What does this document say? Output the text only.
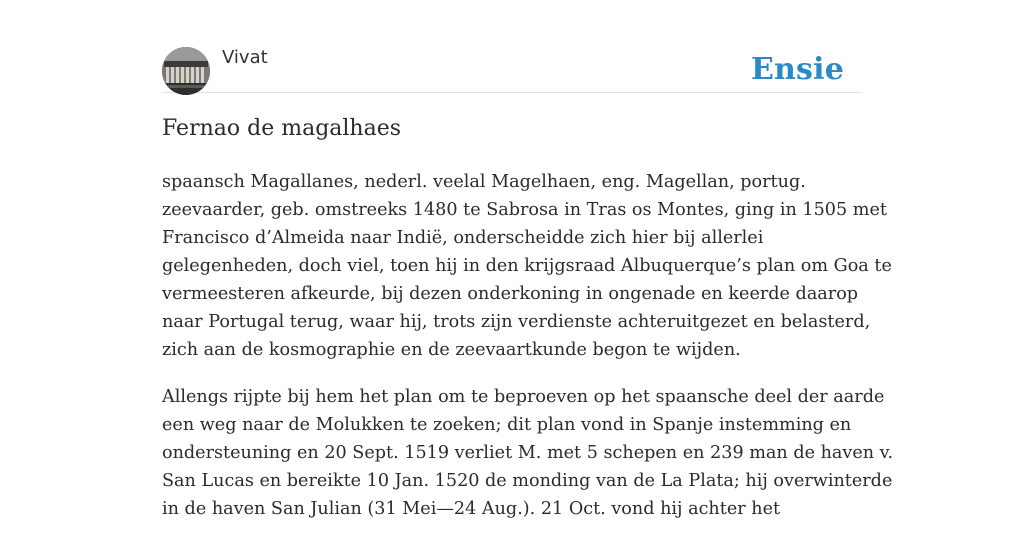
Vivat	Ensie
Fernao de magalhaes

spaansch Magallanes, nederl. veelal Magelhaen, eng. Magellan, portug.
zeevaarder, geb. omstreeks 1480 te Sabrosa in Tras os Montes, ging in 1505 met
Francisco d’Almeida naar Indië, onderscheidde zich hier bij allerlei
gelegenheden, doch viel, toen hij in den krijgsraad Albuquerque’s plan om Goa te
vermeesteren afkeurde, bij dezen onderkoning in ongenade en keerde daarop
naar Portugal terug, waar hij, trots zijn verdienste achteruitgezet en belasterd,
zich aan de kosmographie en de zeevaartkunde begon te wijden.

Allengs rijpte bij hem het plan om te beproeven op het spaansche deel der aarde
een weg naar de Molukken te zoeken; dit plan vond in Spanje instemming en
ondersteuning en 20 Sept. 1519 verliet M. met 5 schepen en 239 man de haven v.
San Lucas en bereikte 10 Jan. 1520 de monding van de La Plata; hij overwinterde
in de haven San Julian (31 Mei—24 Aug.). 21 Oct. vond hij achter het
